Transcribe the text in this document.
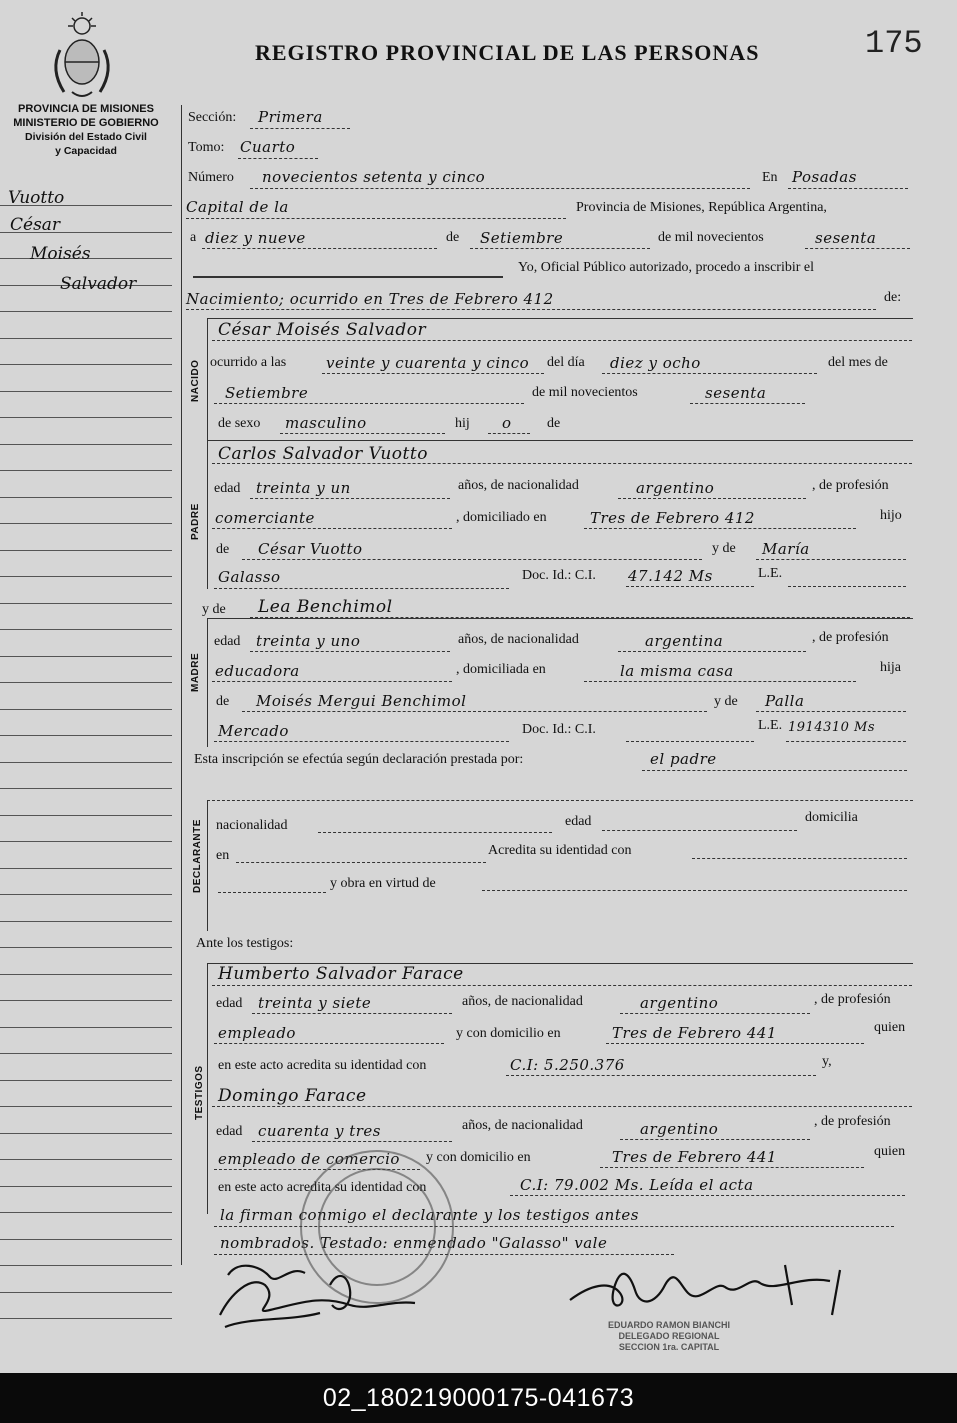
REGISTRO PROVINCIAL DE LAS PERSONAS	175
PROVINCIA DE MISIONES
MINISTERIO DE GOBIERNO
División del Estado Civil
y Capacidad
Vuotto
César
Moisés
Salvador
Sección: Primera
Tomo: Cuarto
Número novecientos setenta y cinco	En Posadas
Capital de la	Provincia de Misiones, República Argentina,
a diez y nueve	de Setiembre	de mil novecientos	sesenta
Yo, Oficial Público autorizado, procedo a inscribir el
Nacimiento; ocurrido en Tres de Febrero 412	de:
NACIDO
César Moisés Salvador
ocurrido a las	veinte y cuarenta y cinco del día diez y ocho	del mes de
Setiembre	de mil novecientos	sesenta
de sexo masculino	hij o	de
PADRE
Carlos Salvador Vuotto
edad treinta y un	años, de nacionalidad	argentino	, de profesión
comerciante	, domiciliado en	Tres de Febrero 412	hijo
de César Vuotto	y de María
Galasso	Doc. Id.: C.I. 47.142 Ms	L.E.
y de Lea Benchimol
MADRE
edad treinta y uno	años, de nacionalidad	argentina	, de profesión
educadora	, domiciliada en	la misma casa	hija
de Moisés Mergui Benchimol	y de Palla
Mercado	Doc. Id.: C.I.	L.E. 1914310 Ms
Esta inscripción se efectúa según declaración prestada por:	el padre
DECLARANTE nacionalidad	edad	domicilia
en	Acredita su identidad con
y obra en virtud de
Ante los testigos:
TESTIGOS
Humberto Salvador Farace
edad treinta y siete	años, de nacionalidad	argentino	, de profesión
empleado	y con domicilio en	Tres de Febrero 441	quien
en este acto acredita su identidad con	C.I: 5.250.376	y,
Domingo Farace
edad cuarenta y tres	años, de nacionalidad	argentino	, de profesión
empleado de comercio y con domicilio en	Tres de Febrero 441	quien
en este acto acredita su identidad con	C.I: 79.002 Ms. Leída el acta
la firman conmigo el declarante y los testigos antes
nombrados. Testado: enmendado "Galasso" vale
EDUARDO RAMON BIANCHI
DELEGADO REGIONAL
SECCION 1ra. CAPITAL
02_180219000175-041673
